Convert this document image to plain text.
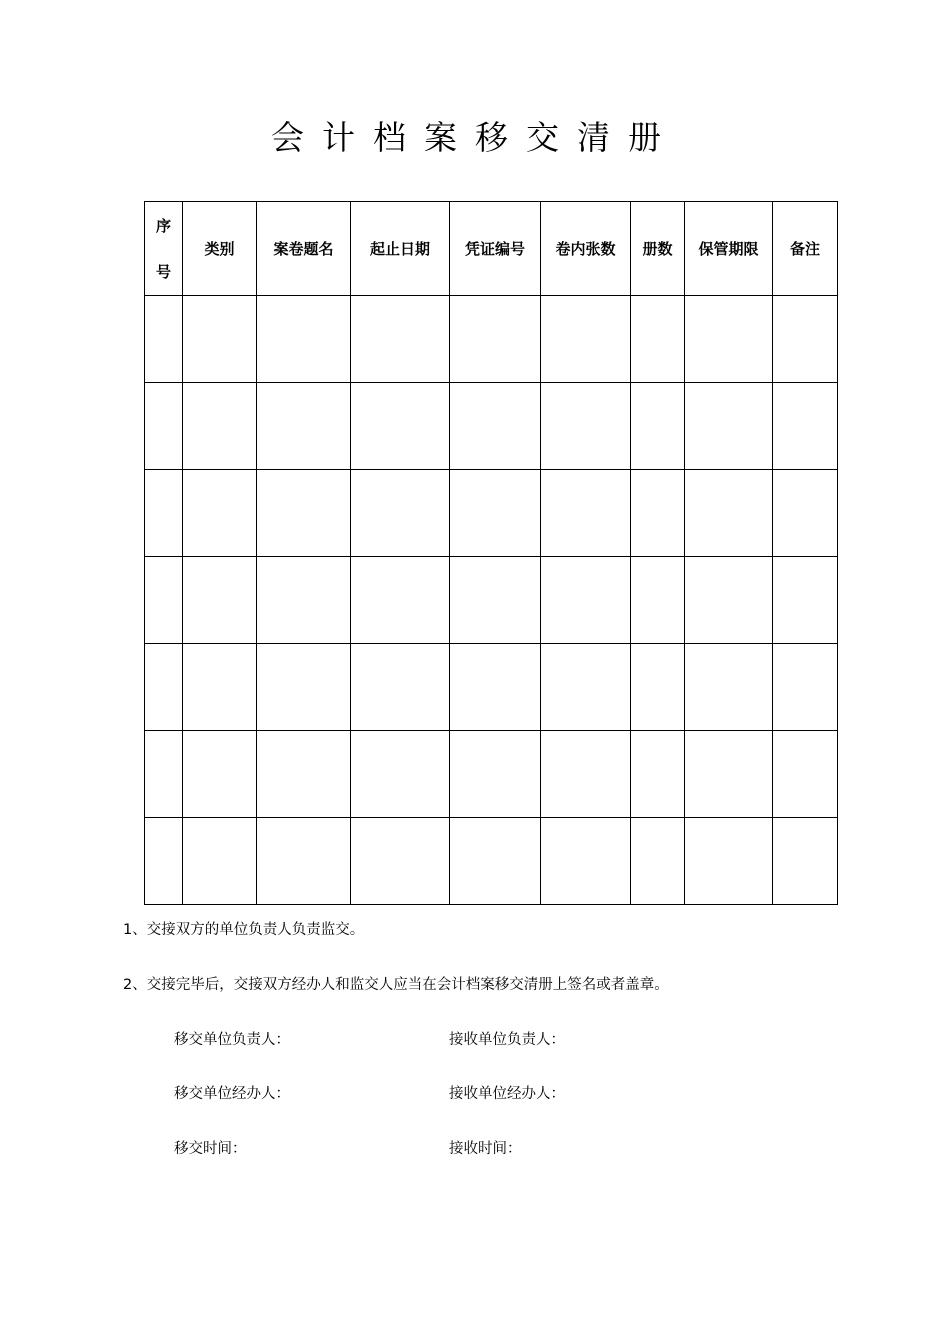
会计档案移交清册
序
号	类别	案卷题名	起止日期	凭证编号	卷内张数	册数	保管期限	备注

1、交接双方的单位负责人负责监交。
2、交接完毕后，交接双方经办人和监交人应当在会计档案移交清册上签名或者盖章。
移交单位负责人：	接收单位负责人：
移交单位经办人：	接收单位经办人：
移交时间：	接收时间：
